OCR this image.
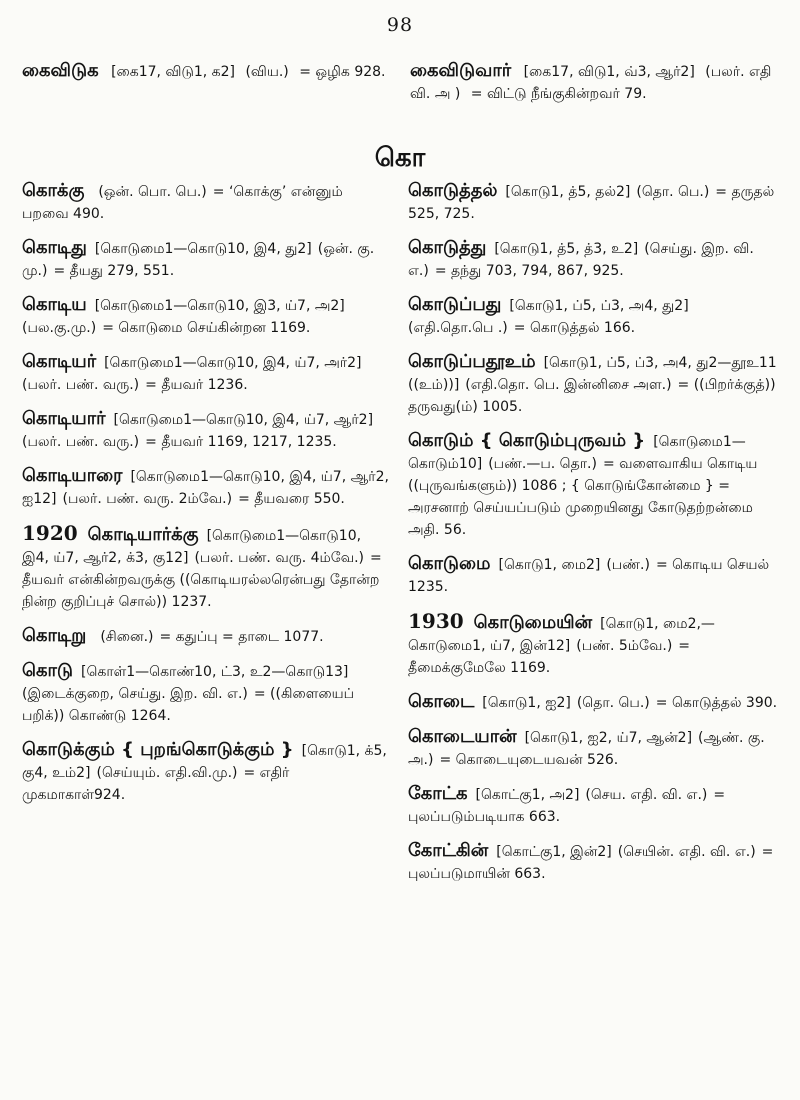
98
கைவிடுக [கை17, விடு1, க2] (விய.) = ஒழிக 928. கைவிடுவார் [கை17, விடு1, வ்3, ஆர்2] (பலர். எதி வி. அ ) = விட்டு நீங்குகின்றவர் 79.
கொ
கொக்கு (ஒன். பொ. பெ.) = ‘கொக்கு’ என்னும் பறவை 490.
கொடிது [கொடுமை1—கொடு10, இ4, து2] (ஒன். கு. மு.) = தீயது 279, 551.
கொடிய [கொடுமை1—கொடு10, இ3, ய்7, அ2](பல.கு.மு.) = கொடுமை செய்கின்றன 1169.
கொடியர் [கொடுமை1—கொடு10, இ4, ய்7, அர்2](பலர். பண். வரு.) = தீயவர் 1236.
கொடியார் [கொடுமை1—கொடு10, இ4, ய்7, ஆர்2](பலர். பண். வரு.) = தீயவர் 1169, 1217, 1235.
கொடியாரை [கொடுமை1—கொடு10, இ4, ய்7, ஆர்2, ஐ12] (பலர். பண். வரு. 2ம்வே.) = தீயவரை 550.
1920 கொடியார்க்கு [கொடுமை1—கொடு10, இ4, ய்7, ஆர்2, க்3, கு12] (பலர். பண். வரு. 4ம்வே.) = தீயவர் என்கின்றவருக்கு ((கொடியரல்லரென்பது தோன்ற நின்ற குறிப்புச் சொல்)) 1237.
கொடிறு (சினை.) = கதுப்பு = தாடை 1077.
கொடு [கொள்1—கொண்10, ட்3, உ2—கொடு13](இடைக்குறை, செய்து. இற. வி. எ.) = ((கிளையைப் பறிக்)) கொண்டு 1264.
கொடுக்கும் { புறங்கொடுக்கும் } [கொடு1, க்5, கு4, உம்2] (செய்யும். எதி.வி.மு.) = எதிர் முகமாகாள்924.
கொடுத்தல் [கொடு1, த்5, தல்2] (தொ. பெ.) = தருதல் 525, 725.
கொடுத்து [கொடு1, த்5, த்3, உ2] (செய்து. இற. வி. எ.) = தந்து 703, 794, 867, 925.
கொடுப்பது [கொடு1, ப்5, ப்3, அ4, து2](எதி.தொ.பெ .) = கொடுத்தல் 166.
கொடுப்பதூஉம் [கொடு1, ப்5, ப்3, அ4, து2—தூஉ11 ((உம்))] (எதி.தொ. பெ. இன்னிசை அள.) = ((பிறர்க்குத்)) தருவது(ம்) 1005.
கொடும் { கொடும்புருவம் } [கொடுமை1—கொடும்10] (பண்.—ப. தொ.) = வளைவாகிய கொடிய ((புருவங்களும்)) 1086 ; { கொடுங்கோன்மை } = அரசனாற் செய்யப்படும் முறையினது கோடுதற்றன்மை அதி. 56.
கொடுமை [கொடு1, மை2] (பண்.) = கொடிய செயல் 1235.
1930 கொடுமையின் [கொடு1, மை2,—கொடுமை1, ய்7, இன்12] (பண். 5ம்வே.) = தீமைக்குமேலே 1169.
கொடை [கொடு1, ஐ2] (தொ. பெ.) = கொடுத்தல் 390.
கொடையான் [கொடு1, ஐ2, ய்7, ஆன்2] (ஆண். கு. அ.) = கொடையுடையவன் 526.
கோட்க [கொட்கு1, அ2] (செய. எதி. வி. எ.) = புலப்படும்படியாக 663.
கோட்கின் [கொட்கு1, இன்2] (செயின். எதி. வி. எ.) = புலப்படுமாயின் 663.
